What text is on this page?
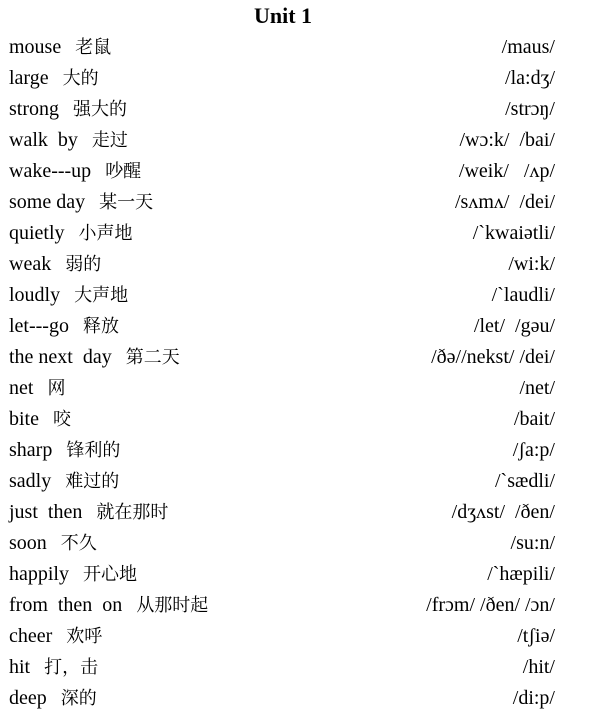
Unit 1
mouse 老鼠	/maus/
large 大的	/la:dʒ/
strong 强大的	/strɔŋ/
walk  by 走过	/wɔ:k/  /bai/
wake---up 吵醒	/weik/   /ʌp/
some day 某一天	/sʌmʌ/  /dei/
quietly 小声地	/ˋkwaiətli/
weak 弱的	/wi:k/
loudly 大声地	/ˋlaudli/
let---go 释放	/let/  /gəu/
the next  day 第二天	/ðə//nekst/ /dei/
net 网	/net/
bite 咬	/bait/
sharp 锋利的	/ʃa:p/
sadly 难过的	/ˋsædli/
just  then 就在那时	/dʒʌst/  /ðen/
soon 不久	/su:n/
happily 开心地	/ˋhæpili/
from  then  on 从那时起	/frɔm/ /ðen/ /ɔn/
cheer 欢呼	/tʃiə/
hit 打，击	/hit/
deep 深的	/di:p/
